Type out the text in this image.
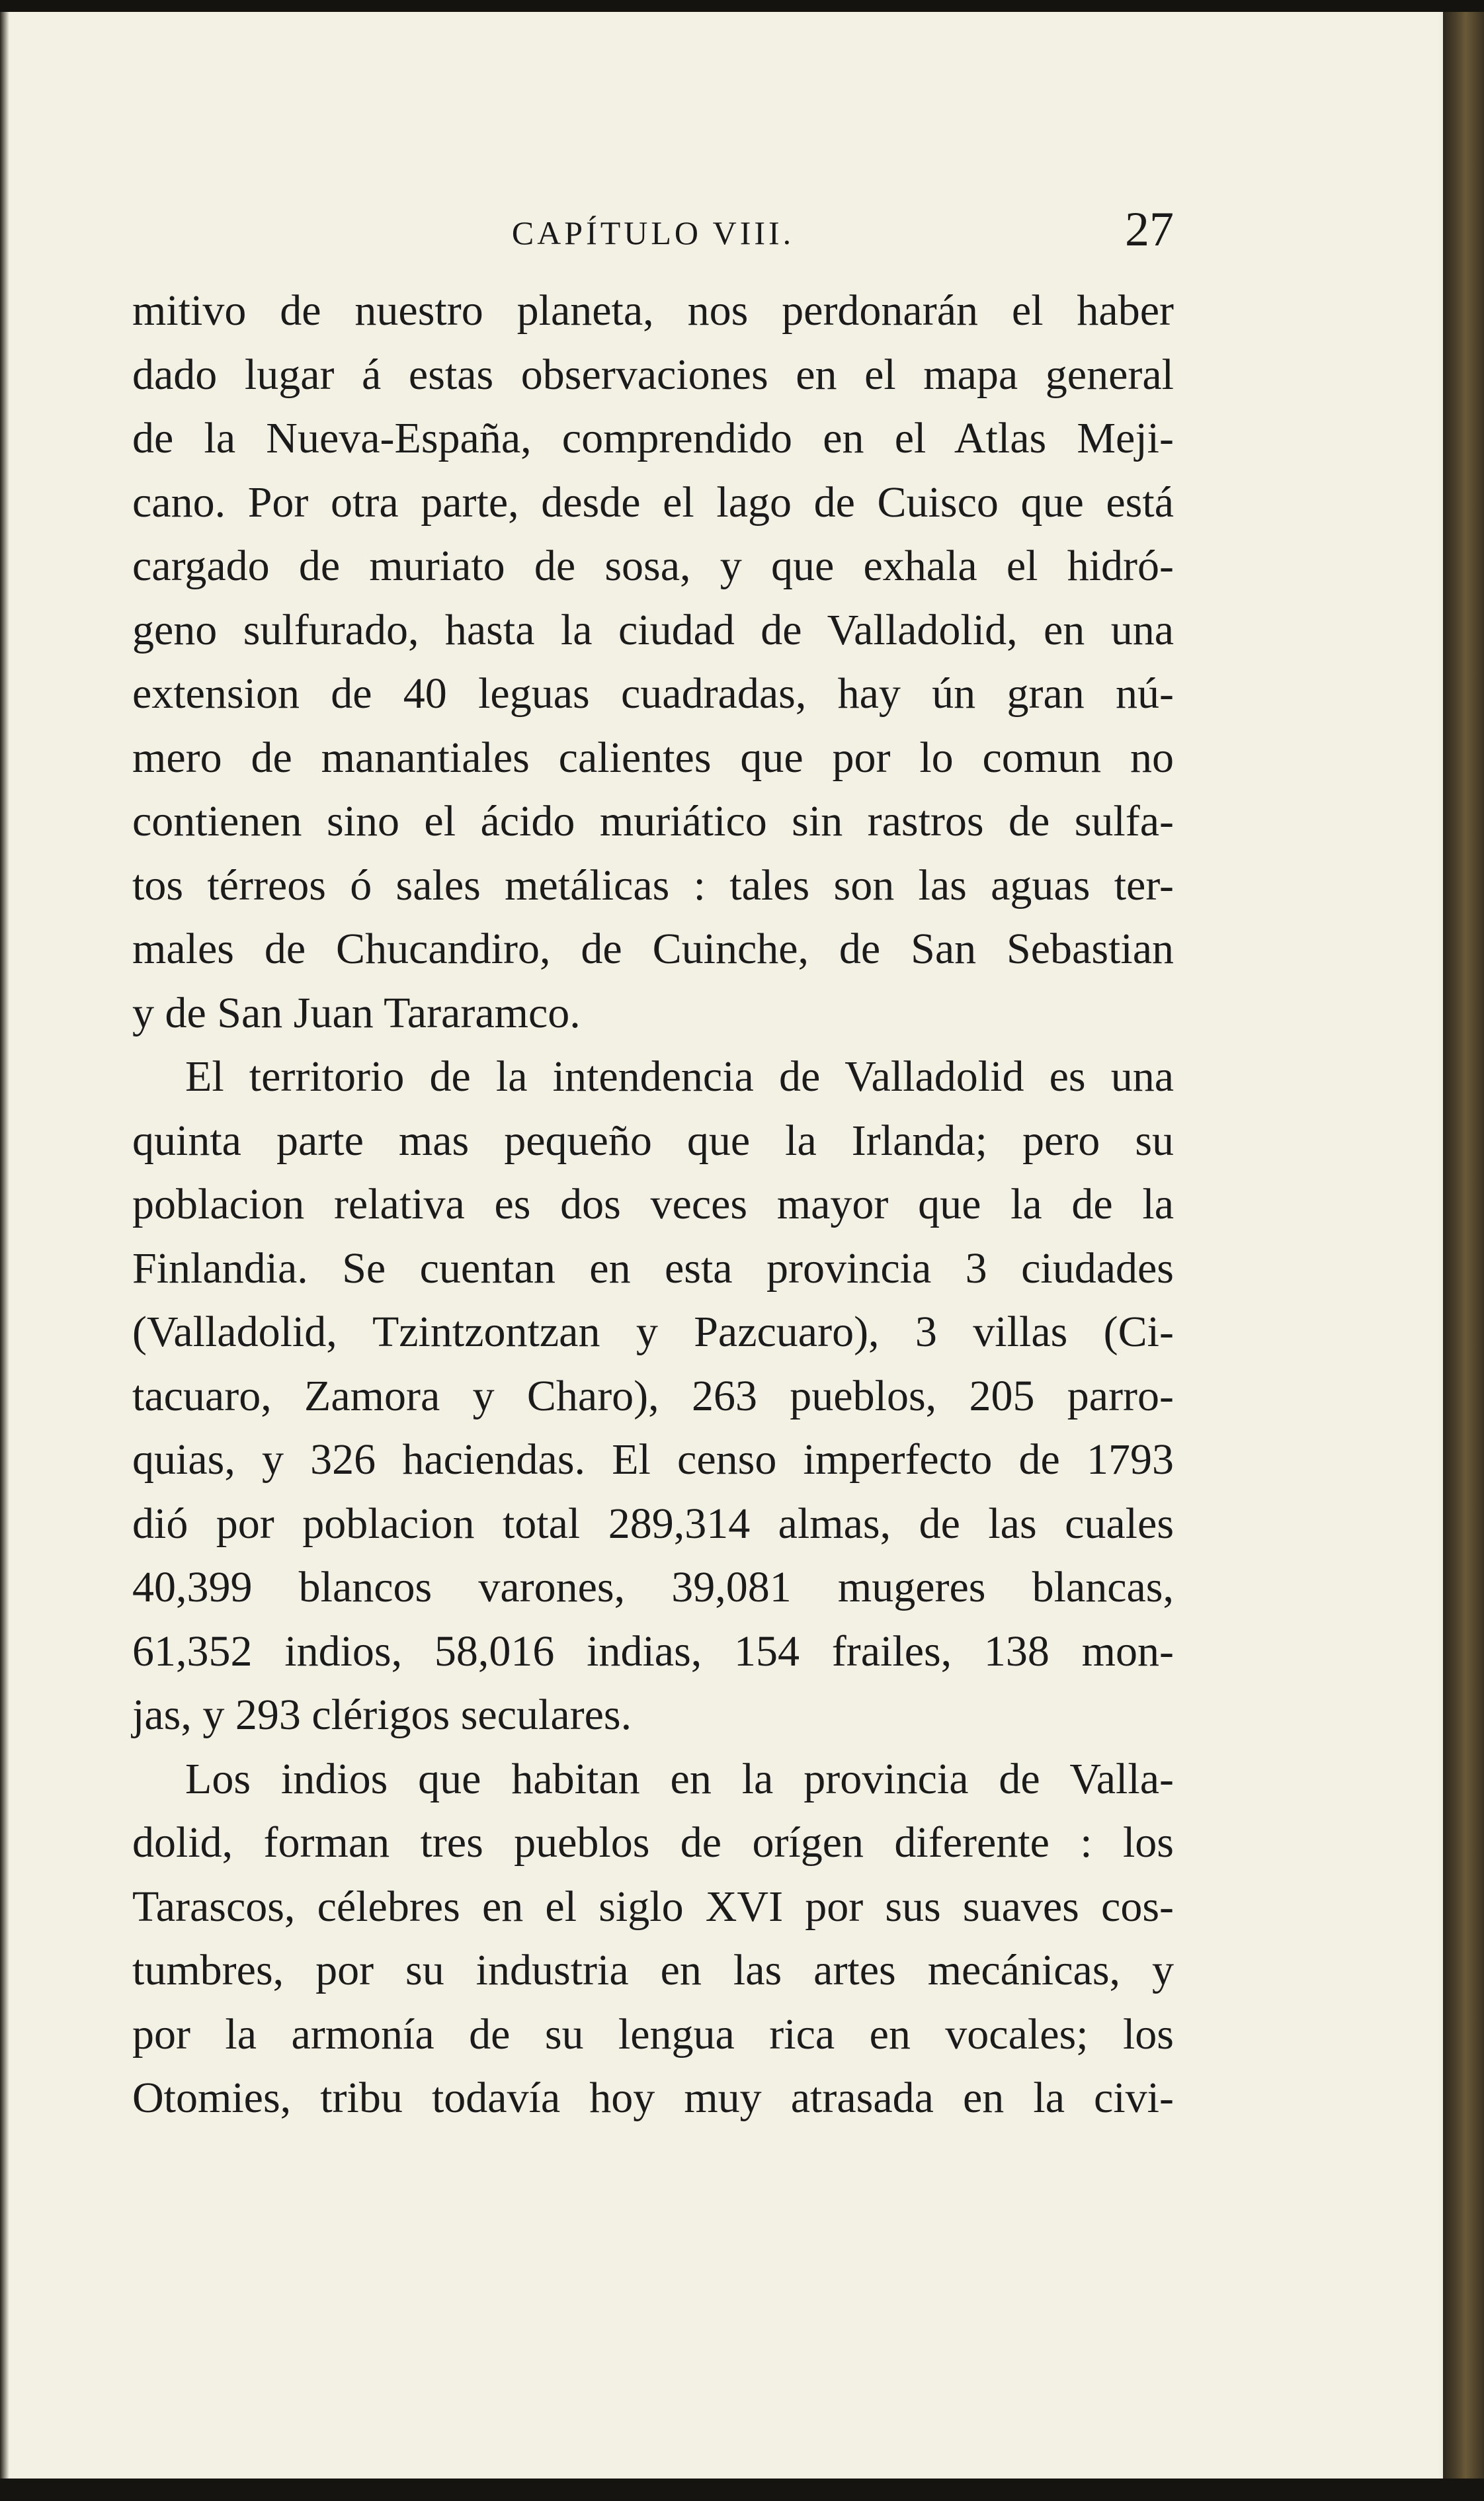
CAPÍTULO VIII.	27
mitivo de nuestro planeta, nos perdonarán el haber
dado lugar á estas observaciones en el mapa general
de la Nueva-España, comprendido en el Atlas Meji-
cano. Por otra parte, desde el lago de Cuisco que está
cargado de muriato de sosa, y que exhala el hidró-
geno sulfurado, hasta la ciudad de Valladolid, en una
extension de 40 leguas cuadradas, hay ún gran nú-
mero de manantiales calientes que por lo comun no
contienen sino el ácido muriático sin rastros de sulfa-
tos térreos ó sales metálicas : tales son las aguas ter-
males de Chucandiro, de Cuinche, de San Sebastian
y de San Juan Tararamco.
El territorio de la intendencia de Valladolid es una
quinta parte mas pequeño que la Irlanda; pero su
poblacion relativa es dos veces mayor que la de la
Finlandia. Se cuentan en esta provincia 3 ciudades
(Valladolid, Tzintzontzan y Pazcuaro), 3 villas (Ci-
tacuaro, Zamora y Charo), 263 pueblos, 205 parro-
quias, y 326 haciendas. El censo imperfecto de 1793
dió por poblacion total 289,314 almas, de las cuales
40,399 blancos varones, 39,081 mugeres blancas,
61,352 indios, 58,016 indias, 154 frailes, 138 mon-
jas, y 293 clérigos seculares.
Los indios que habitan en la provincia de Valla-
dolid, forman tres pueblos de orígen diferente : los
Tarascos, célebres en el siglo XVI por sus suaves cos-
tumbres, por su industria en las artes mecánicas, y
por la armonía de su lengua rica en vocales; los
Otomies, tribu todavía hoy muy atrasada en la civi-
